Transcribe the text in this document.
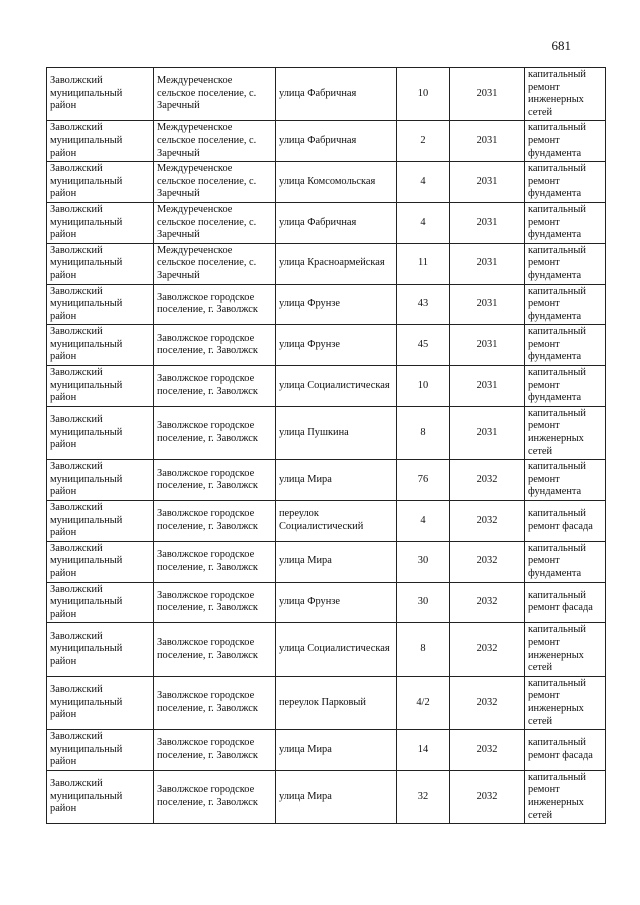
681
Заволжский муниципальный район	Междуреченское сельское поселение, с. Заречный	улица Фабричная	10	2031	капитальный ремонт инженерных сетей
Заволжский муниципальный район	Междуреченское сельское поселение, с. Заречный	улица Фабричная	2	2031	капитальный ремонт фундамента
Заволжский муниципальный район	Междуреченское сельское поселение, с. Заречный	улица Комсомольская	4	2031	капитальный ремонт фундамента
Заволжский муниципальный район	Междуреченское сельское поселение, с. Заречный	улица Фабричная	4	2031	капитальный ремонт фундамента
Заволжский муниципальный район	Междуреченское сельское поселение, с. Заречный	улица Красноармейская	11	2031	капитальный ремонт фундамента
Заволжский муниципальный район	Заволжское городское поселение, г. Заволжск	улица Фрунзе	43	2031	капитальный ремонт фундамента
Заволжский муниципальный район	Заволжское городское поселение, г. Заволжск	улица Фрунзе	45	2031	капитальный ремонт фундамента
Заволжский муниципальный район	Заволжское городское поселение, г. Заволжск	улица Социалистическая	10	2031	капитальный ремонт фундамента
Заволжский муниципальный район	Заволжское городское поселение, г. Заволжск	улица Пушкина	8	2031	капитальный ремонт инженерных сетей
Заволжский муниципальный район	Заволжское городское поселение, г. Заволжск	улица Мира	76	2032	капитальный ремонт фундамента
Заволжский муниципальный район	Заволжское городское поселение, г. Заволжск	переулок Социалистический	4	2032	капитальный ремонт фасада
Заволжский муниципальный район	Заволжское городское поселение, г. Заволжск	улица Мира	30	2032	капитальный ремонт фундамента
Заволжский муниципальный район	Заволжское городское поселение, г. Заволжск	улица Фрунзе	30	2032	капитальный ремонт фасада
Заволжский муниципальный район	Заволжское городское поселение, г. Заволжск	улица Социалистическая	8	2032	капитальный ремонт инженерных сетей
Заволжский муниципальный район	Заволжское городское поселение, г. Заволжск	переулок Парковый	4/2	2032	капитальный ремонт инженерных сетей
Заволжский муниципальный район	Заволжское городское поселение, г. Заволжск	улица Мира	14	2032	капитальный ремонт фасада
Заволжский муниципальный район	Заволжское городское поселение, г. Заволжск	улица Мира	32	2032	капитальный ремонт инженерных сетей
